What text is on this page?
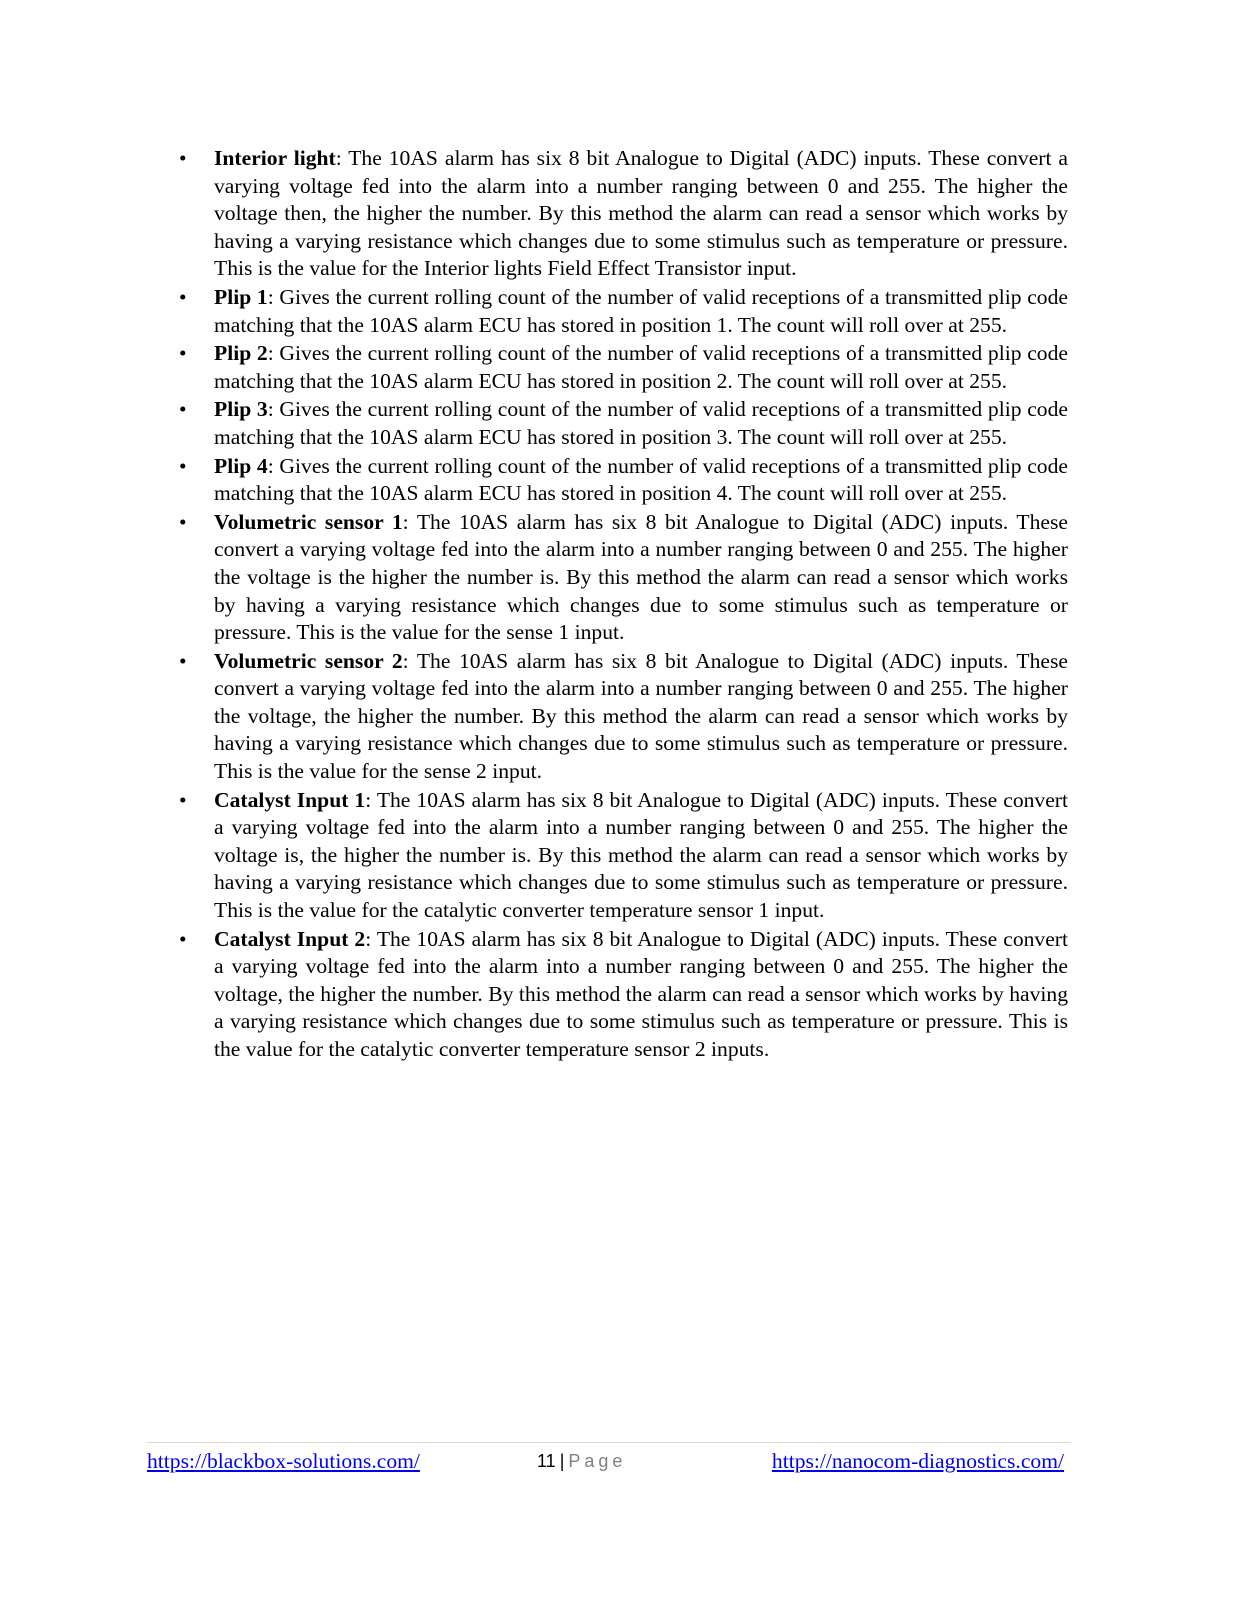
• Interior light: The 10AS alarm has six 8 bit Analogue to Digital (ADC) inputs. These convert a varying voltage fed into the alarm into a number ranging between 0 and 255. The higher the voltage then, the higher the number. By this method the alarm can read a sensor which works by having a varying resistance which changes due to some stimulus such as temperature or pressure. This is the value for the Interior lights Field Effect Transistor input.
• Plip 1: Gives the current rolling count of the number of valid receptions of a transmitted plip code matching that the 10AS alarm ECU has stored in position 1. The count will roll over at 255.
• Plip 2: Gives the current rolling count of the number of valid receptions of a transmitted plip code matching that the 10AS alarm ECU has stored in position 2. The count will roll over at 255.
• Plip 3: Gives the current rolling count of the number of valid receptions of a transmitted plip code matching that the 10AS alarm ECU has stored in position 3. The count will roll over at 255.
• Plip 4: Gives the current rolling count of the number of valid receptions of a transmitted plip code matching that the 10AS alarm ECU has stored in position 4. The count will roll over at 255.
• Volumetric sensor 1: The 10AS alarm has six 8 bit Analogue to Digital (ADC) inputs. These convert a varying voltage fed into the alarm into a number ranging between 0 and 255. The higher the voltage is the higher the number is. By this method the alarm can read a sensor which works by having a varying resistance which changes due to some stimulus such as temperature or pressure. This is the value for the sense 1 input.
• Volumetric sensor 2: The 10AS alarm has six 8 bit Analogue to Digital (ADC) inputs. These convert a varying voltage fed into the alarm into a number ranging between 0 and 255. The higher the voltage, the higher the number. By this method the alarm can read a sensor which works by having a varying resistance which changes due to some stimulus such as temperature or pressure. This is the value for the sense 2 input.
• Catalyst Input 1: The 10AS alarm has six 8 bit Analogue to Digital (ADC) inputs. These convert a varying voltage fed into the alarm into a number ranging between 0 and 255. The higher the voltage is, the higher the number is. By this method the alarm can read a sensor which works by having a varying resistance which changes due to some stimulus such as temperature or pressure. This is the value for the catalytic converter temperature sensor 1 input.
• Catalyst Input 2: The 10AS alarm has six 8 bit Analogue to Digital (ADC) inputs. These convert a varying voltage fed into the alarm into a number ranging between 0 and 255. The higher the voltage, the higher the number. By this method the alarm can read a sensor which works by having a varying resistance which changes due to some stimulus such as temperature or pressure. This is the value for the catalytic converter temperature sensor 2 inputs.
https://blackbox-solutions.com/	11 | Page	https://nanocom-diagnostics.com/
